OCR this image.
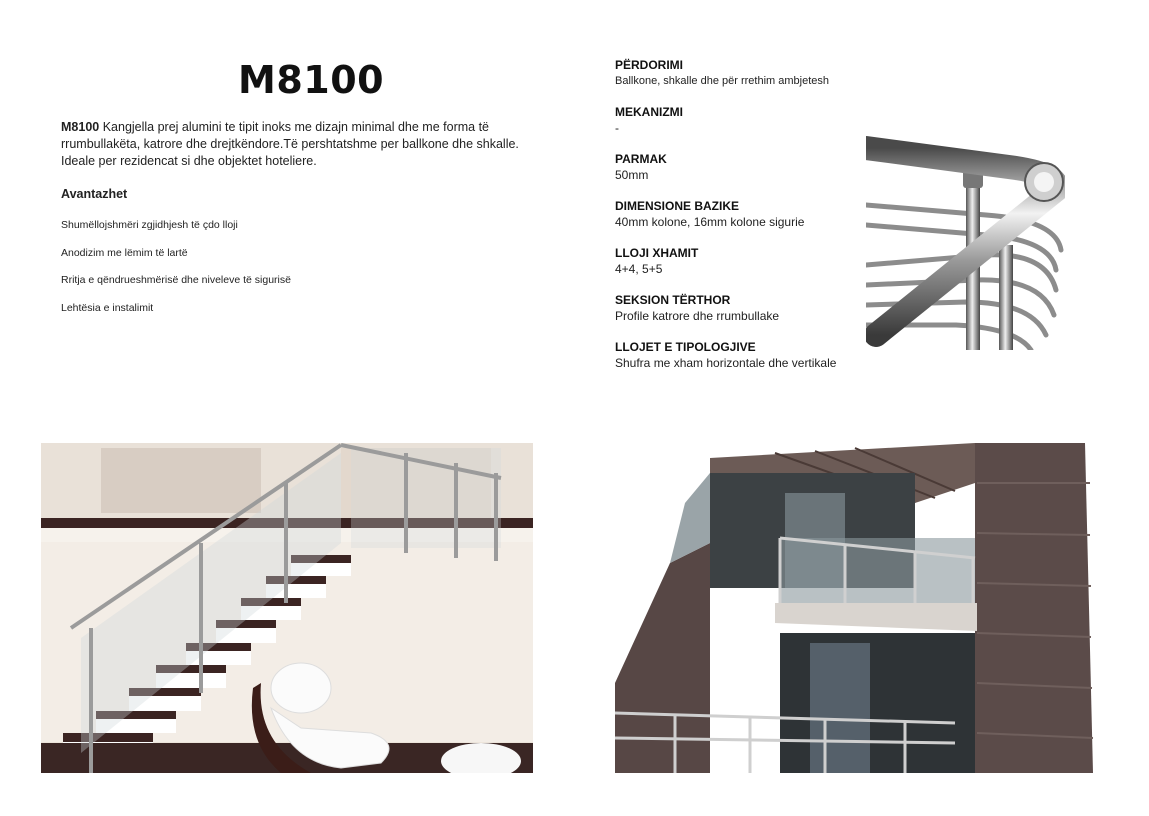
M8100
M8100 Kangjella prej alumini te tipit inoks me dizajn minimal dhe me forma të rrumbullakëta, katrore dhe drejtkëndore.Të pershtatshme per ballkone dhe shkalle. Ideale per rezidencat si dhe objektet hoteliere.
Avantazhet
Shumëllojshmëri zgjidhjesh të çdo lloji
Anodizim me lëmim të lartë
Rritja e qëndrueshmërisë dhe niveleve të sigurisë
Lehtësia e instalimit
PËRDORIMI
Ballkone, shkalle dhe për rrethim ambjetesh
MEKANIZMI
-
PARMAK
50mm
DIMENSIONE BAZIKE
40mm kolone, 16mm kolone sigurie
LLOJI XHAMIT
4+4, 5+5
SEKSION TËRTHOR
Profile katrore dhe rrumbullake
LLOJET E TIPOLOGJIVE
Shufra me xham horizontale dhe vertikale
